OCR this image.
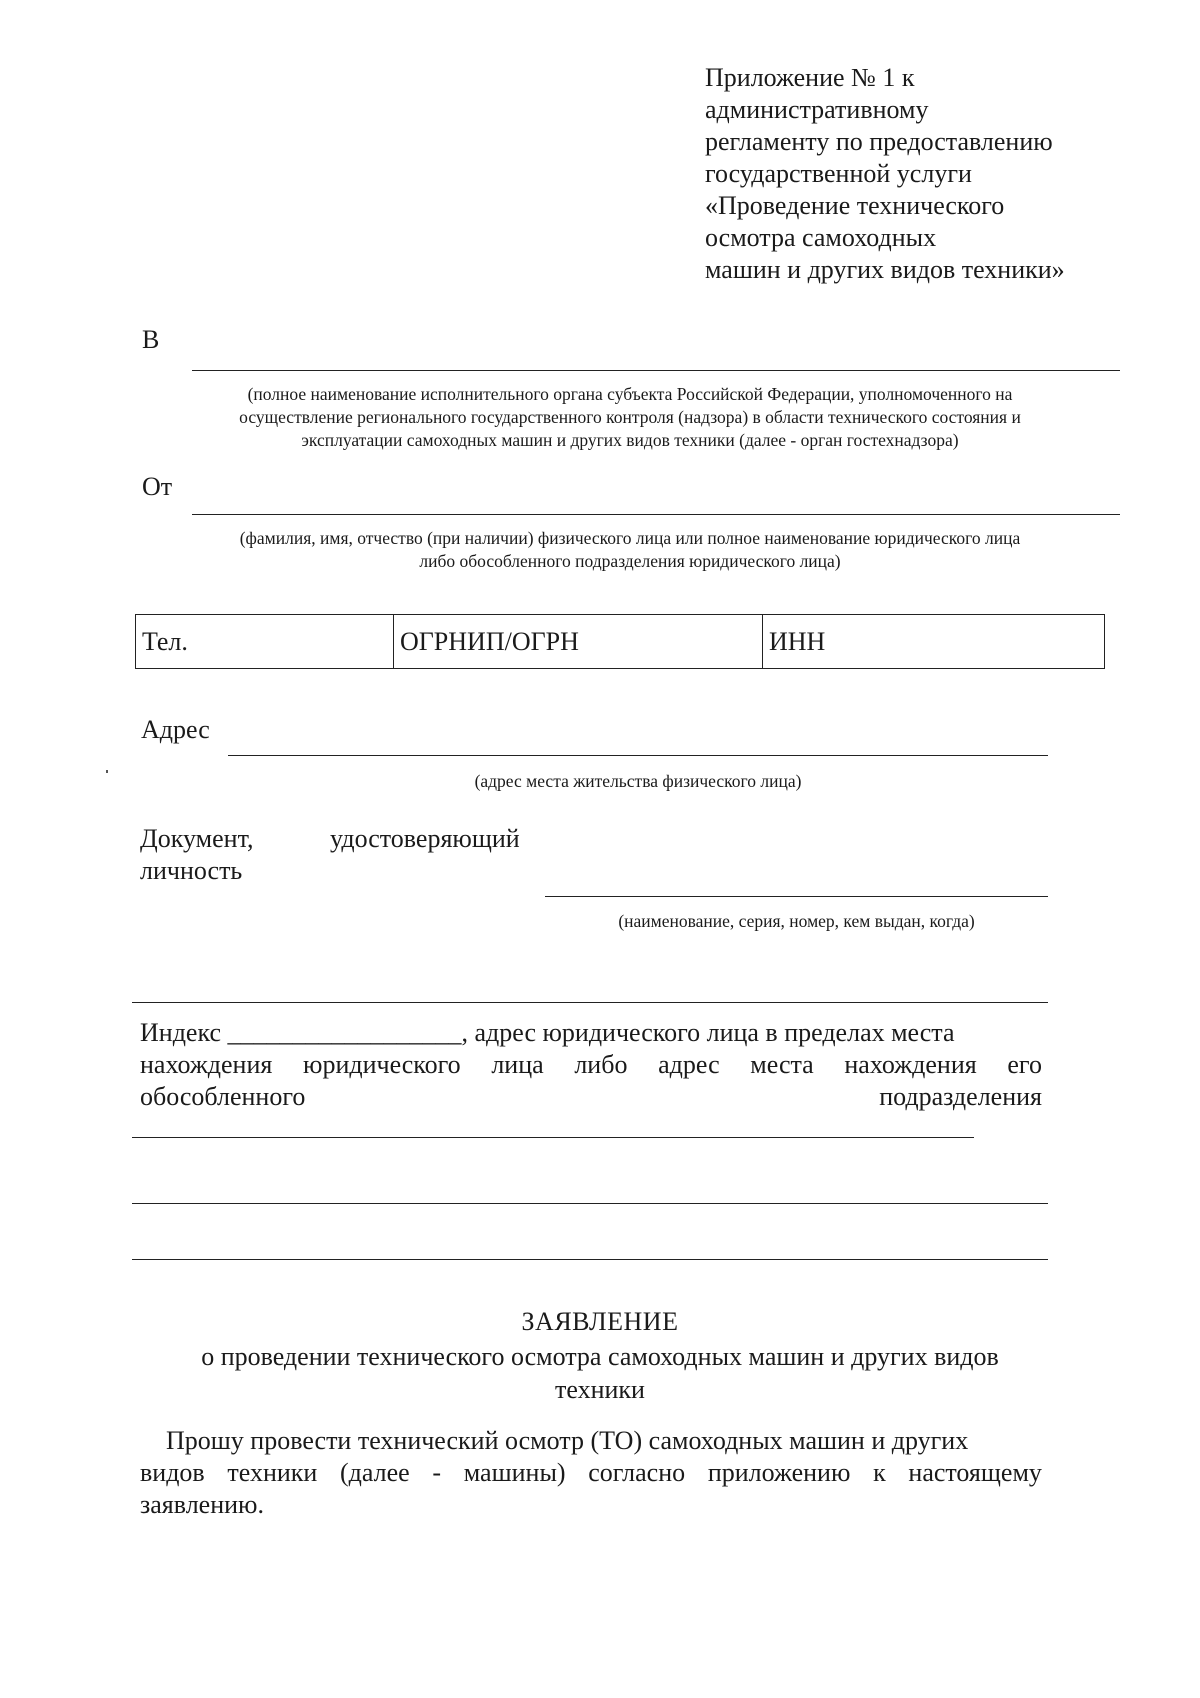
Приложение № 1 к
административному
регламенту по предоставлению
государственной услуги
«Проведение технического
осмотра самоходных
машин и других видов техники»
В
(полное наименование исполнительного органа субъекта Российской Федерации, уполномоченного на
осуществление регионального государственного контроля (надзора) в области технического состояния и
эксплуатации самоходных машин и других видов техники (далее - орган гостехнадзора)
От
(фамилия, имя, отчество (при наличии) физического лица или полное наименование юридического лица
либо обособленного подразделения юридического лица)
Тел.	ОГРНИП/ОГРН	ИНН
Адрес
(адрес места жительства физического лица)
Документ,	удостоверяющий
личность
(наименование, серия, номер, кем выдан, когда)
Индекс __________________, адрес юридического лица в пределах места
нахождения юридического лица либо адрес места нахождения его
обособленного	подразделения
ЗАЯВЛЕНИЕ
о проведении технического осмотра самоходных машин и других видов
техники
Прошу провести технический осмотр (ТО) самоходных машин и других
видов техники (далее - машины) согласно приложению к настоящему
заявлению.
